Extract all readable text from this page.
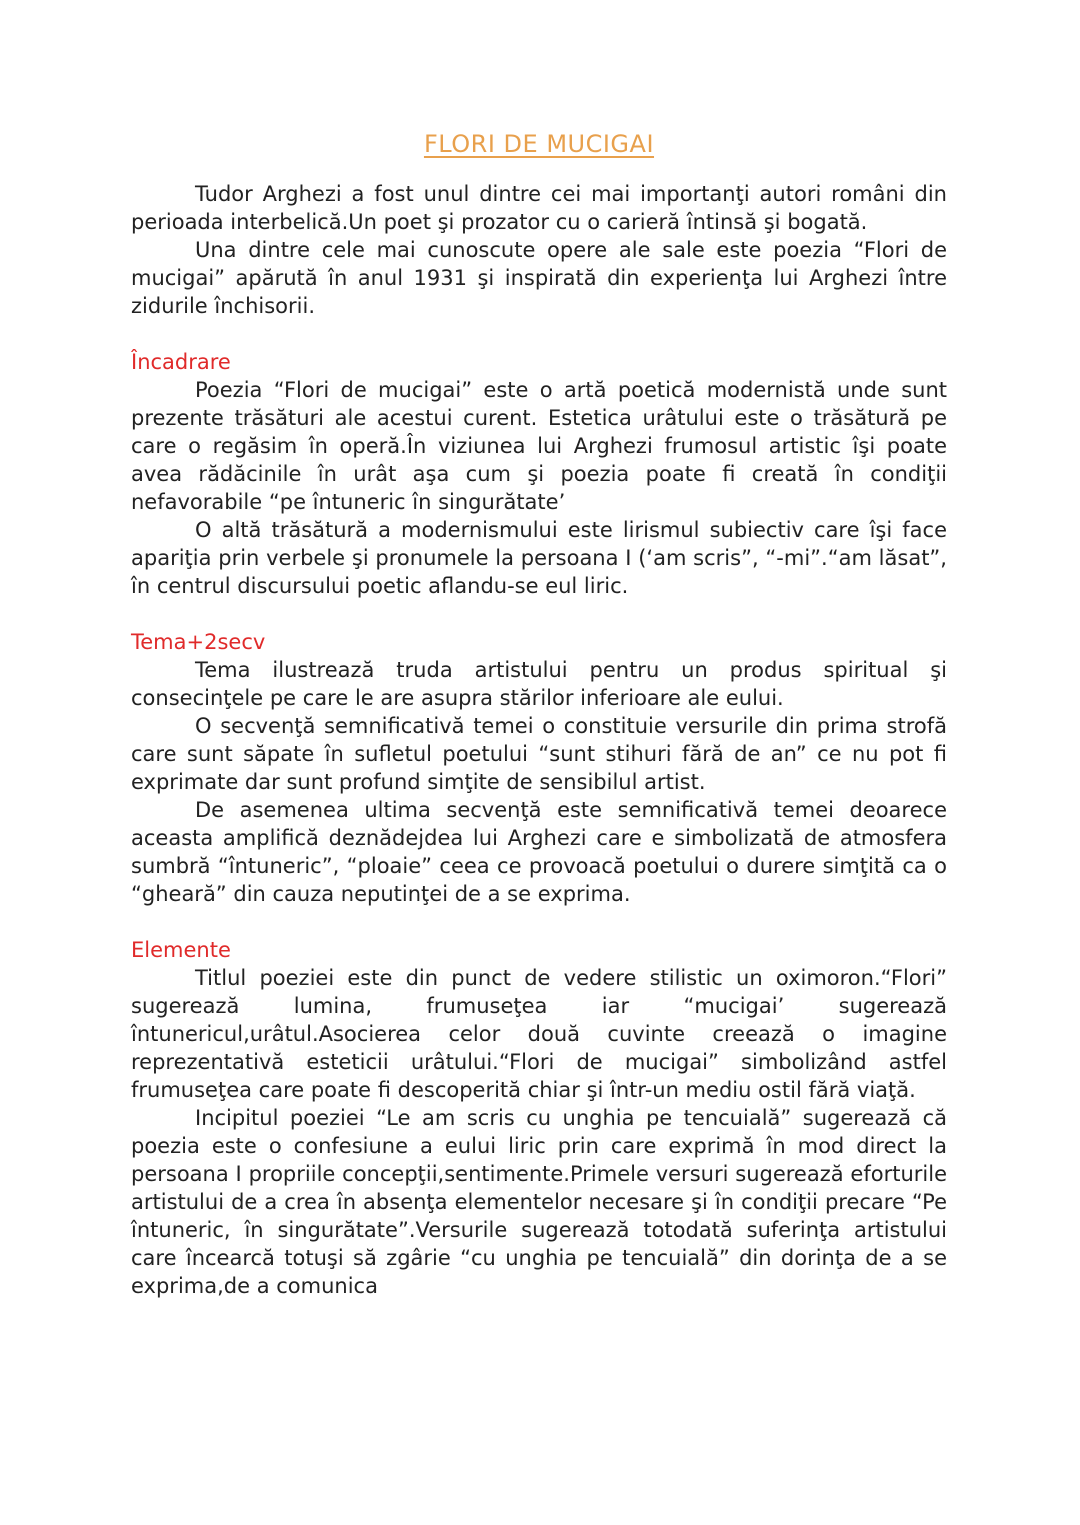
FLORI DE MUCIGAI

Tudor Arghezi a fost unul dintre cei mai importanţi autori români din perioada interbelică.Un poet şi prozator cu o carieră întinsă şi bogată.

Una dintre cele mai cunoscute opere ale sale este poezia “Flori de mucigai” apărută în anul 1931 şi inspirată din experienţa lui Arghezi între zidurile închisorii.

Încadrare

Poezia “Flori de mucigai” este o artă poetică modernistă unde sunt prezente trăsături ale acestui curent. Estetica urâtului este o trăsătură pe care o regăsim în operă.În viziunea lui Arghezi frumosul artistic îşi poate avea rădăcinile în urât aşa cum şi poezia poate fi creată în condiţii nefavorabile “pe întuneric în singurătate’

O altă trăsătură a modernismului este lirismul subiectiv care îşi face apariţia prin verbele şi pronumele la persoana I (‘am scris”, “-mi”.“am lăsat”, în centrul discursului poetic aflandu-se eul liric.

Tema+2secv

Tema ilustrează truda artistului pentru un produs spiritual şi consecinţele pe care le are asupra stărilor inferioare ale eului.

O secvenţă semnificativă temei o constituie versurile din prima strofă care sunt săpate în sufletul poetului “sunt stihuri fără de an” ce nu pot fi exprimate dar sunt profund simţite de sensibilul artist.

De asemenea ultima secvenţă este semnificativă temei deoarece aceasta amplifică deznădejdea lui Arghezi care e simbolizată de atmosfera sumbră “întuneric”, “ploaie” ceea ce provoacă poetului o durere simţită ca o “gheară” din cauza neputinţei de a se exprima.

Elemente

Titlul poeziei este din punct de vedere stilistic un oximoron.“Flori” sugerează lumina, frumuseţea iar “mucigai’ sugerează întunericul,urâtul.Asocierea celor două cuvinte creează o imagine reprezentativă esteticii urâtului.“Flori de mucigai” simbolizând astfel frumuseţea care poate fi descoperită chiar şi într-un mediu ostil fără viaţă.

Incipitul poeziei “Le am scris cu unghia pe tencuială” sugerează că poezia este o confesiune a eului liric prin care exprimă în mod direct la persoana I propriile concepţii,sentimente.Primele versuri sugerează eforturile artistului de a crea în absenţa elementelor necesare şi în condiţii precare “Pe întuneric, în singurătate”.Versurile sugerează totodată suferinţa artistului care încearcă totuşi să zgârie “cu unghia pe tencuială” din dorinţa de a se exprima,de a comunica
